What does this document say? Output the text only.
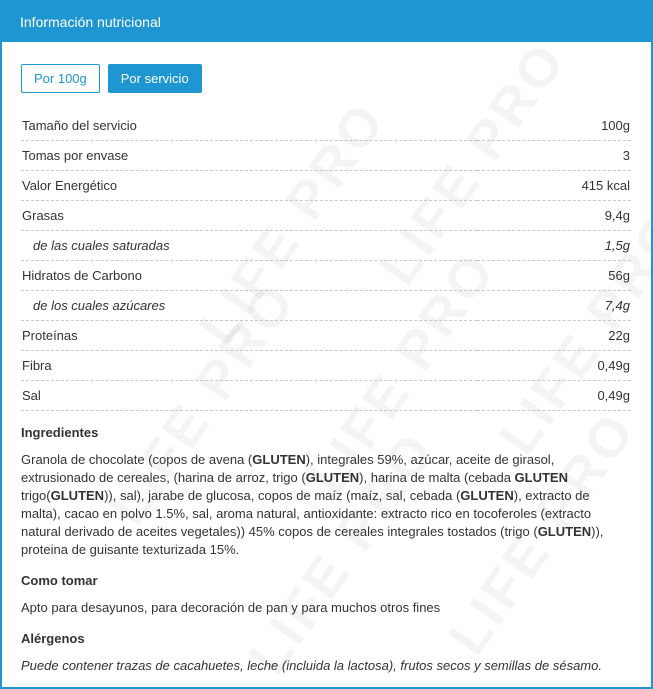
Información nutricional
Por 100g	Por servicio
Tamaño del servicio	100g
Tomas por envase	3
Valor Energético	415 kcal
Grasas	9,4g
de las cuales saturadas	1,5g
Hidratos de Carbono	56g
de los cuales azúcares	7,4g
Proteínas	22g
Fibra	0,49g
Sal	0,49g
Ingredientes

Granola de chocolate (copos de avena (GLUTEN), integrales 59%, azúcar, aceite de girasol, extrusionado de cereales, (harina de arroz, trigo (GLUTEN), harina de malta (cebada GLUTEN trigo(GLUTEN)), sal), jarabe de glucosa, copos de maíz (maíz, sal, cebada (GLUTEN), extracto de malta), cacao en polvo 1.5%, sal, aroma natural, antioxidante: extracto rico en tocoferoles (extracto natural derivado de aceites vegetales)) 45% copos de cereales integrales tostados (trigo (GLUTEN)), proteina de guisante texturizada 15%.

Como tomar

Apto para desayunos, para decoración de pan y para muchos otros fines

Alérgenos

Puede contener trazas de cacahuetes, leche (incluida la lactosa), frutos secos y semillas de sésamo.
